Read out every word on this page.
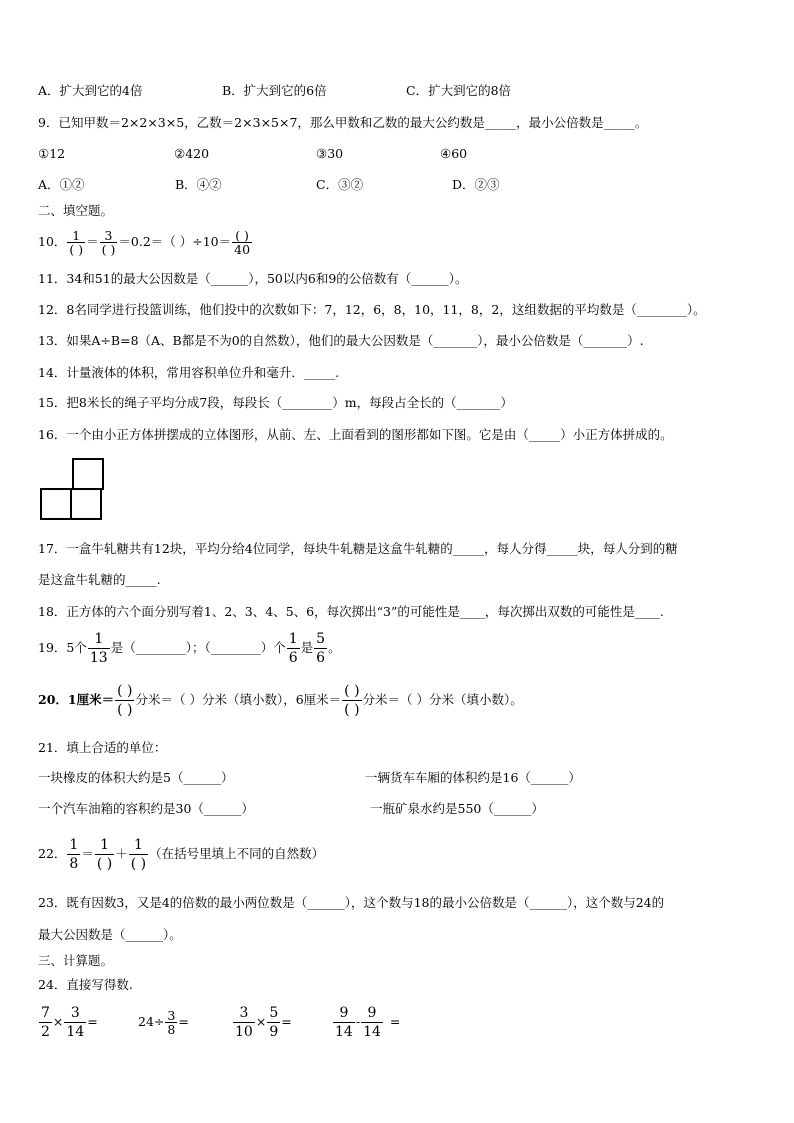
A．扩大到它的4倍	B．扩大到它的6倍	C．扩大到它的8倍
9．已知甲数＝2×2×3×5，乙数＝2×3×5×7，那么甲数和乙数的最大公约数是_____，最小公倍数是_____。
①12	②420	③30	④60
A．①②	B．④②	C．③②	D．②③
二、填空题。
10． $\frac{1}{( )} = \frac{3}{( )} =0.2=$（ ）$\div 10= \frac{( )}{40}$
11．34和51的最大公因数是（______），50以内6和9的公倍数有（______）。
12．8名同学进行投篮训练，他们投中的次数如下：7，12，6，8，10，11，8，2，这组数据的平均数是（________）。
13．如果A÷B=8（A、B都是不为0的自然数），他们的最大公因数是（_______），最小公倍数是（_______）.
14．计量液体的体积，常用容积单位升和毫升．_____.
15．把8米长的绳子平均分成7段，每段长（________）m，每段占全长的（_______）
16．一个由小正方体拼摆成的立体图形，从前、左、上面看到的图形都如下图。它是由（_____）小正方体拼成的。
17．一盒牛轧糖共有12块，平均分给4位同学，每块牛轧糖是这盒牛轧糖的_____，每人分得_____块，每人分到的糖
是这盒牛轧糖的_____.
18．正方体的六个面分别写着1、2、3、4、5、6，每次掷出“3”的可能性是____，每次掷出双数的可能性是____.
19．5个 $\frac{1}{13}$ 是（________）；（________）个 $\frac{1}{6}$ 是 $\frac{5}{6}$ 。
20．1厘米＝ $\frac{( )}{( )}$ 分米＝（ ）分米（填小数），6厘米＝ $\frac{( )}{( )}$ 分米＝（ ）分米（填小数）。
21．填上合适的单位：
一块橡皮的体积大约是5（______）	一辆货车车厢的体积约是16（______）
一个汽车油箱的容积约是30（______）	一瓶矿泉水约是550（______）
22． $\frac{1}{8} = \frac{1}{( )} + \frac{1}{( )}$ （在括号里填上不同的自然数）
23．既有因数3，又是4的倍数的最小两位数是（______），这个数与18的最小公倍数是（______），这个数与24的
最大公因数是（______）。
三、计算题。
24．直接写得数.
$\frac{7}{2} \times \frac{3}{14}$ =	$24\div \frac{3}{8}$ =	$\frac{3}{10} \times \frac{5}{9}$ =	$\frac{9}{14} - \frac{9}{14}$ =
